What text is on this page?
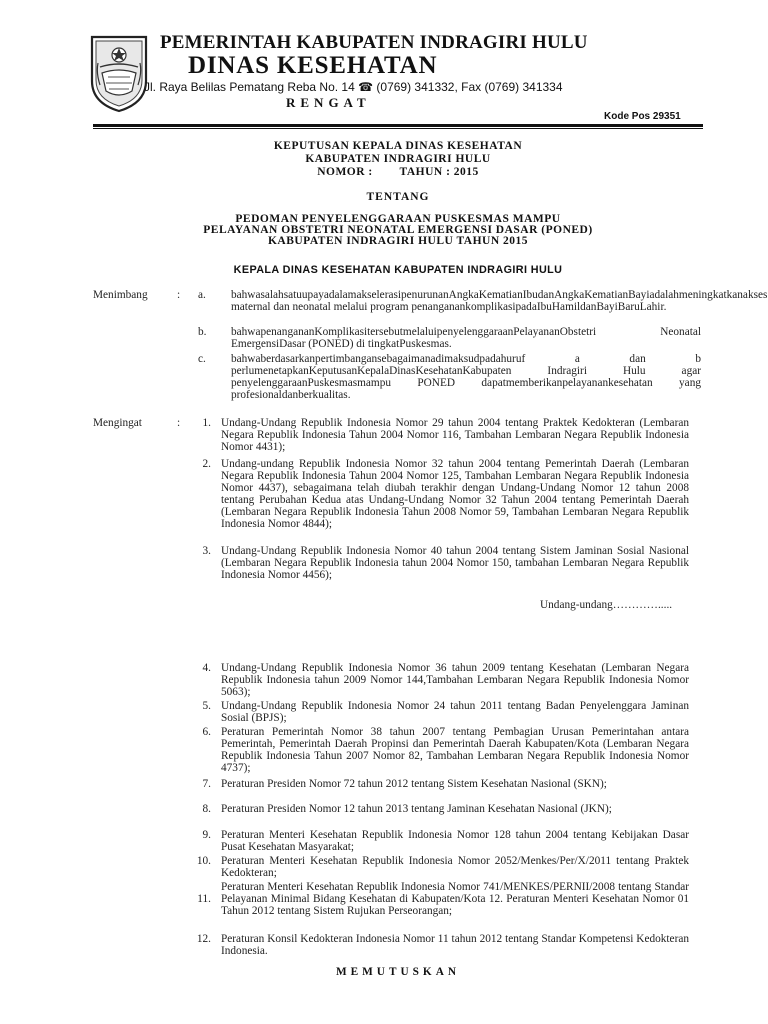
PEMERINTAH KABUPATEN INDRAGIRI HULU
DINAS KESEHATAN
Jl. Raya Belilas Pematang Reba No. 14 ☎ (0769) 341332, Fax (0769) 341334
RENGAT
Kode Pos 29351
KEPUTUSAN KEPALA DINAS KESEHATAN
KABUPATEN INDRAGIRI HULU
NOMOR :        TAHUN : 2015
TENTANG
PEDOMAN PENYELENGGARAAN PUSKESMAS MAMPU
PELAYANAN OBSTETRI NEONATAL EMERGENSI DASAR (PONED)
KABUPATEN INDRAGIRI HULU TAHUN 2015
KEPALA DINAS KESEHATAN KABUPATEN INDRAGIRI HULU
Menimbang	: a. bahwasalahsatuupayadalamakselerasipenurunanAngkaKematianIbudanAngkaKematianBayiadalahmeningkatkanakses maternal dan neonatal melalui program penanganankomplikasipadaIbuHamildanBayiBaruLahir.
b. bahwapenangananKomplikasitersebutmelaluipenyelenggaraanPelayananObstetri Neonatal EmergensiDasar (PONED) di tingkatPuskesmas.
c. bahwaberdasarkanpertimbangansebagaimanadimaksudpadahuruf a dan b perlumenetapkanKeputusanKepalaDinasKesehatanKabupaten Indragiri Hulu agar penyelenggaraanPuskesmasmampu PONED dapatmemberikanpelayanankesehatan yang profesionaldanberkualitas.
Mengingat	:	1. Undang-Undang Republik Indonesia Nomor 29 tahun 2004 tentang Praktek Kedokteran (Lembaran Negara Republik Indonesia Tahun 2004 Nomor 116, Tambahan Lembaran Negara Republik Indonesia Nomor 4431);
2. Undang-undang Republik Indonesia Nomor 32 tahun 2004 tentang Pemerintah Daerah (Lembaran Negara Republik Indonesia Tahun 2004 Nomor 125, Tambahan Lembaran Negara Republik Indonesia Nomor 4437), sebagaimana telah diubah terakhir dengan Undang-Undang Nomor 12 tahun 2008 tentang Perubahan Kedua atas Undang-Undang Nomor 32 Tahun 2004 tentang Pemerintah Daerah (Lembaran Negara Republik Indonesia Tahun 2008 Nomor 59, Tambahan Lembaran Negara Republik Indonesia Nomor 4844);
3. Undang-Undang Republik Indonesia Nomor 40 tahun 2004 tentang Sistem Jaminan Sosial Nasional (Lembaran Negara Republik Indonesia tahun 2004 Nomor 150, tambahan Lembaran Negara Republik Indonesia Nomor 4456);
Undang-undang………….....
4. Undang-Undang Republik Indonesia Nomor 36 tahun 2009 tentang Kesehatan (Lembaran Negara Republik Indonesia tahun 2009 Nomor 144,Tambahan Lembaran Negara Republik Indonesia Nomor 5063);
5. Undang-Undang Republik Indonesia Nomor 24 tahun 2011 tentang Badan Penyelenggara Jaminan Sosial (BPJS);
6. Peraturan Pemerintah Nomor 38 tahun 2007 tentang Pembagian Urusan Pemerintahan antara Pemerintah, Pemerintah Daerah Propinsi dan Pemerintah Daerah Kabupaten/Kota (Lembaran Negara Republik Indonesia Tahun 2007 Nomor 82, Tambahan Lembaran Negara Republik Indonesia Nomor 4737);
7. Peraturan Presiden Nomor 72 tahun 2012 tentang Sistem Kesehatan Nasional (SKN);
8. Peraturan Presiden Nomor 12 tahun 2013 tentang Jaminan Kesehatan Nasional (JKN);
9. Peraturan Menteri Kesehatan Republik Indonesia Nomor 128 tahun 2004 tentang Kebijakan Dasar Pusat Kesehatan Masyarakat;
10. Peraturan Menteri Kesehatan Republik Indonesia Nomor 2052/Menkes/Per/X/2011 tentang Praktek Kedokteran;
11.
Peraturan Menteri Kesehatan Republik Indonesia Nomor 741/MENKES/PERNII/2008 tentang Standar Pelayanan Minimal Bidang Kesehatan di Kabupaten/Kota 12. Peraturan Menteri Kesehatan Nomor 01 Tahun 2012 tentang Sistem Rujukan Perseorangan;
12. Peraturan Konsil Kedokteran Indonesia Nomor 11 tahun 2012 tentang Standar Kompetensi Kedokteran Indonesia.
MEMUTUSKAN
